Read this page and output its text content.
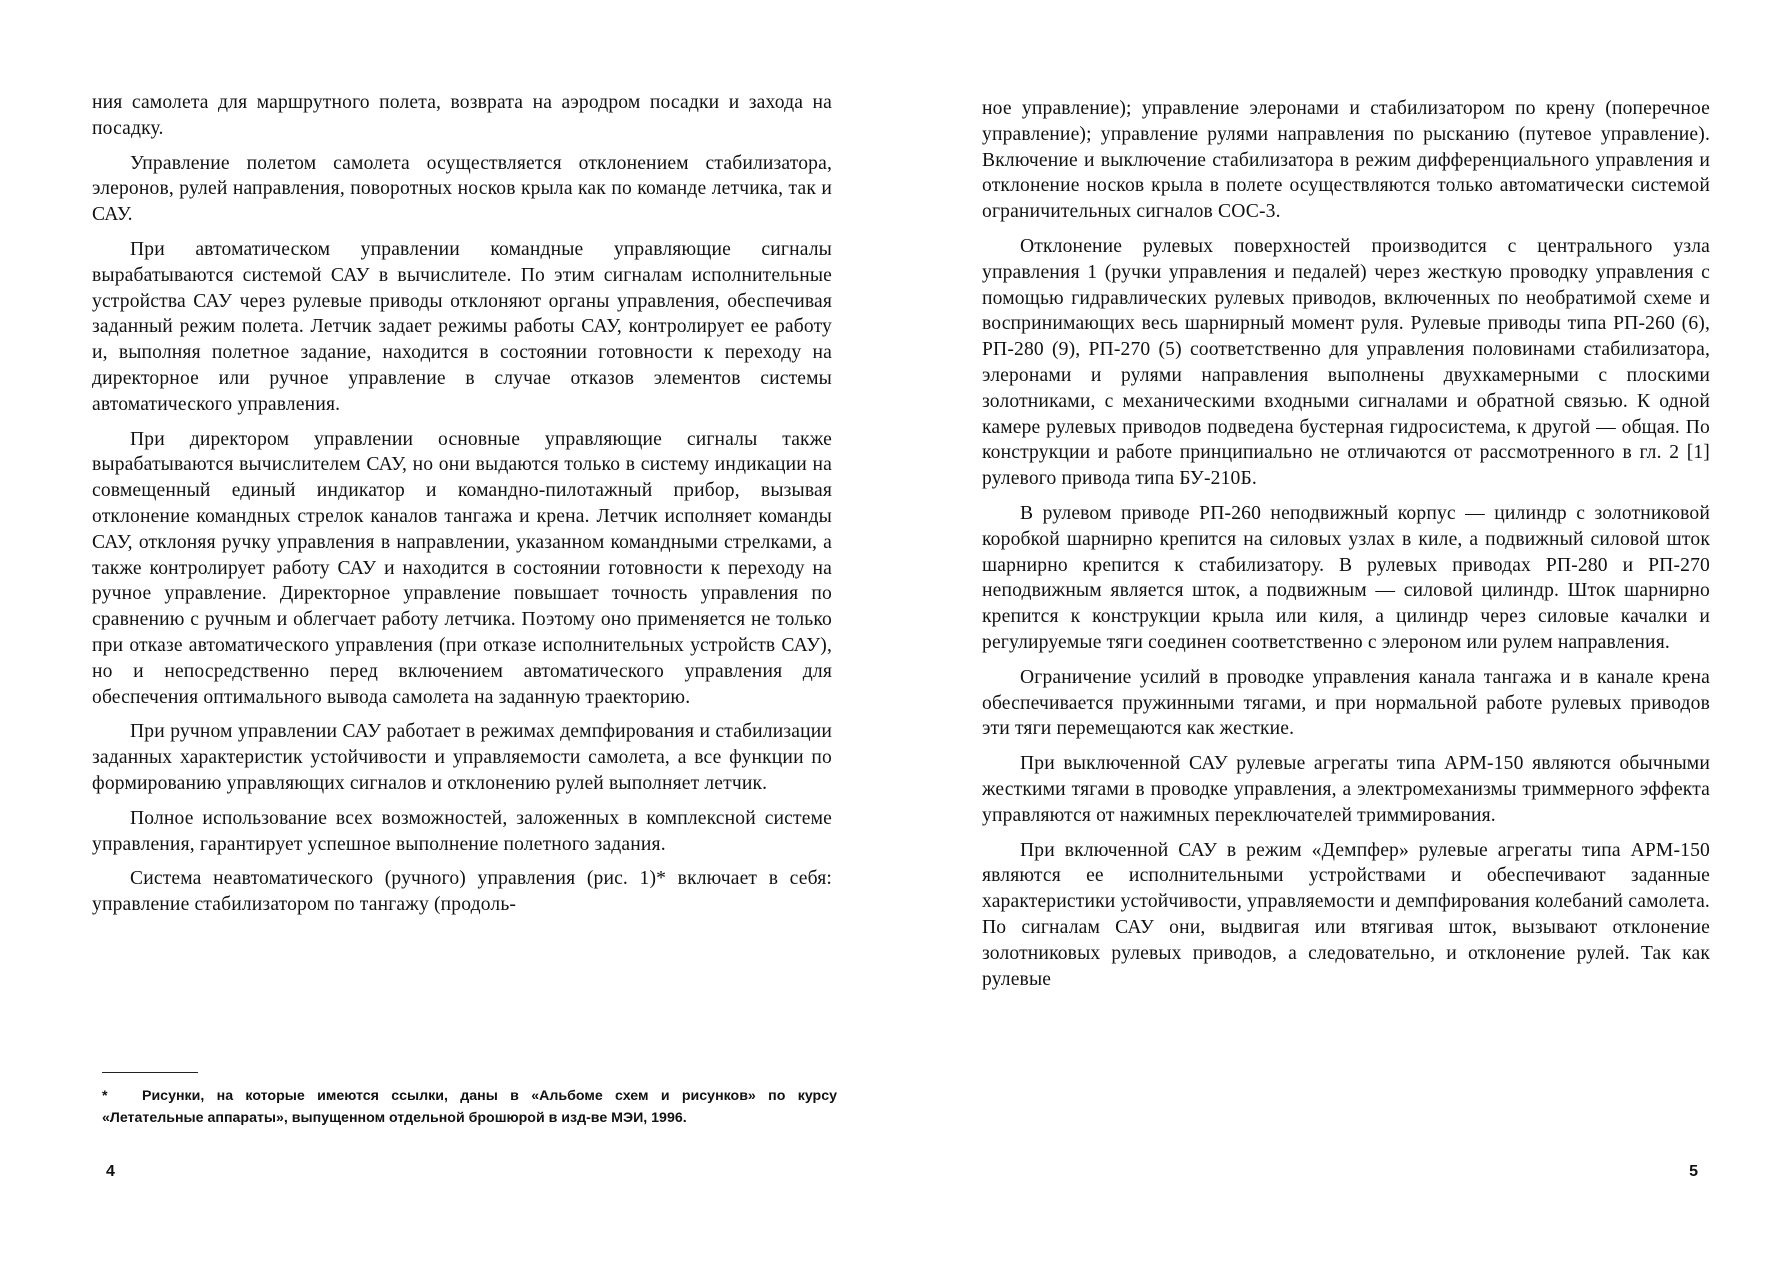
ния самолета для маршрутного полета, возврата на аэродром посадки и захода на посадку.

Управление полетом самолета осуществляется отклонением стабилизатора, элеронов, рулей направления, поворотных носков крыла как по команде летчика, так и САУ.

При автоматическом управлении командные управляющие сигналы вырабатываются системой САУ в вычислителе. По этим сигналам исполнительные устройства САУ через рулевые приводы отклоняют органы управления, обеспечивая заданный режим полета. Летчик задает режимы работы САУ, контролирует ее работу и, выполняя полетное задание, находится в состоянии готовности к переходу на директорное или ручное управление в случае отказов элементов системы автоматического управления.

При директором управлении основные управляющие сигналы также вырабатываются вычислителем САУ, но они выдаются только в систему индикации на совмещенный единый индикатор и командно-пилотажный прибор, вызывая отклонение командных стрелок каналов тангажа и крена. Летчик исполняет команды САУ, отклоняя ручку управления в направлении, указанном командными стрелками, а также контролирует работу САУ и находится в состоянии готовности к переходу на ручное управление. Директорное управление повышает точность управления по сравнению с ручным и облегчает работу летчика. Поэтому оно применяется не только при отказе автоматического управления (при отказе исполнительных устройств САУ), но и непосредственно перед включением автоматического управления для обеспечения оптимального вывода самолета на заданную траекторию.

При ручном управлении САУ работает в режимах демпфирования и стабилизации заданных характеристик устойчивости и управляемости самолета, а все функции по формированию управляющих сигналов и отклонению рулей выполняет летчик.

Полное использование всех возможностей, заложенных в комплексной системе управления, гарантирует успешное выполнение полетного задания.

Система неавтоматического (ручного) управления (рис. 1)* включает в себя: управление стабилизатором по тангажу (продоль-

* Рисунки, на которые имеются ссылки, даны в «Альбоме схем и рисунков» по курсу «Летательные аппараты», выпущенном отдельной брошюрой в изд-ве МЭИ, 1996.
4

ное управление); управление элеронами и стабилизатором по крену (поперечное управление); управление рулями направления по рысканию (путевое управление). Включение и выключение стабилизатора в режим дифференциального управления и отклонение носков крыла в полете осуществляются только автоматически системой ограничительных сигналов СОС-3.

Отклонение рулевых поверхностей производится с центрального узла управления 1 (ручки управления и педалей) через жесткую проводку управления с помощью гидравлических рулевых приводов, включенных по необратимой схеме и воспринимающих весь шарнирный момент руля. Рулевые приводы типа РП-260 (6), РП-280 (9), РП-270 (5) соответственно для управления половинами стабилизатора, элеронами и рулями направления выполнены двухкамерными с плоскими золотниками, с механическими входными сигналами и обратной связью. К одной камере рулевых приводов подведена бустерная гидросистема, к другой — общая. По конструкции и работе принципиально не отличаются от рассмотренного в гл. 2 [1] рулевого привода типа БУ-210Б.

В рулевом приводе РП-260 неподвижный корпус — цилиндр с золотниковой коробкой шарнирно крепится на силовых узлах в киле, а подвижный силовой шток шарнирно крепится к стабилизатору. В рулевых приводах РП-280 и РП-270 неподвижным является шток, а подвижным — силовой цилиндр. Шток шарнирно крепится к конструкции крыла или киля, а цилиндр через силовые качалки и регулируемые тяги соединен соответственно с элероном или рулем направления.

Ограничение усилий в проводке управления канала тангажа и в канале крена обеспечивается пружинными тягами, и при нормальной работе рулевых приводов эти тяги перемещаются как жесткие.

При выключенной САУ рулевые агрегаты типа АРМ-150 являются обычными жесткими тягами в проводке управления, а электромеханизмы триммерного эффекта управляются от нажимных переключателей триммирования.

При включенной САУ в режим «Демпфер» рулевые агрегаты типа АРМ-150 являются ее исполнительными устройствами и обеспечивают заданные характеристики устойчивости, управляемости и демпфирования колебаний самолета. По сигналам САУ они, выдвигая или втягивая шток, вызывают отклонение золотниковых рулевых приводов, а следовательно, и отклонение рулей. Так как рулевые

5
